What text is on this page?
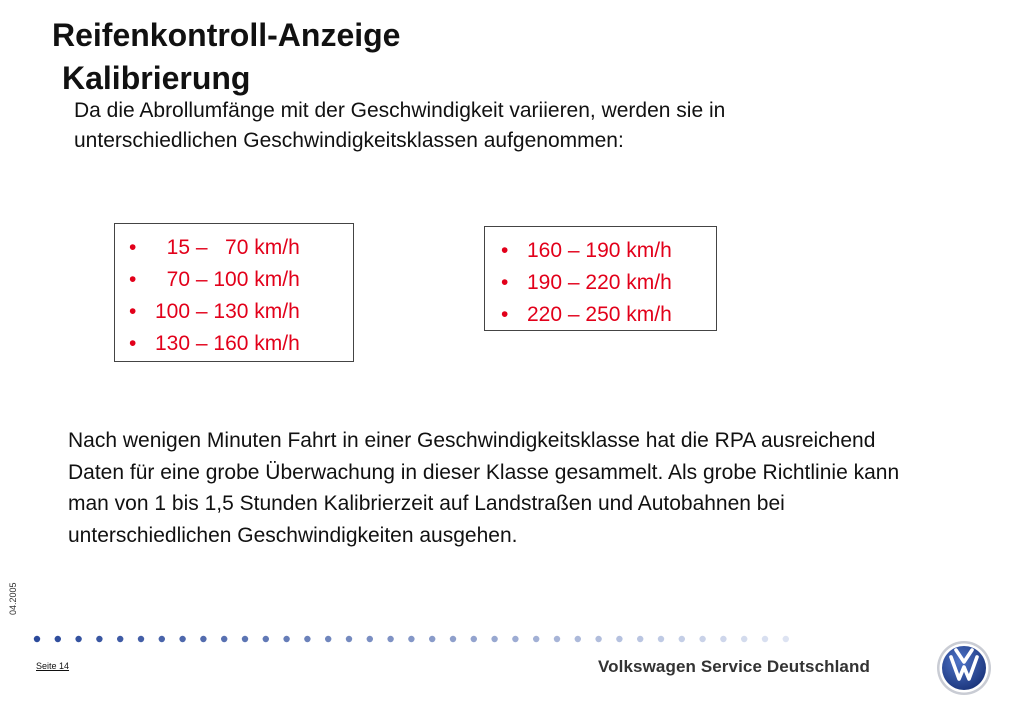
Reifenkontroll-Anzeige
Kalibrierung

Da die Abrollumfänge mit der Geschwindigkeit variieren, werden sie in unterschiedlichen Geschwindigkeitsklassen aufgenommen:

• 15 –   70 km/h
• 70 – 100 km/h
• 100 – 130 km/h
• 130 – 160 km/h
• 160 – 190 km/h
• 190 – 220 km/h
• 220 – 250 km/h

Nach wenigen Minuten Fahrt in einer Geschwindigkeitsklasse hat die RPA ausreichend Daten für eine grobe Überwachung in dieser Klasse gesammelt. Als grobe Richtlinie kann man von 1 bis 1,5 Stunden Kalibrierzeit auf Landstraßen und Autobahnen bei unterschiedlichen Geschwindigkeiten ausgehen.

04.2005
Seite 14	Volkswagen Service Deutschland
